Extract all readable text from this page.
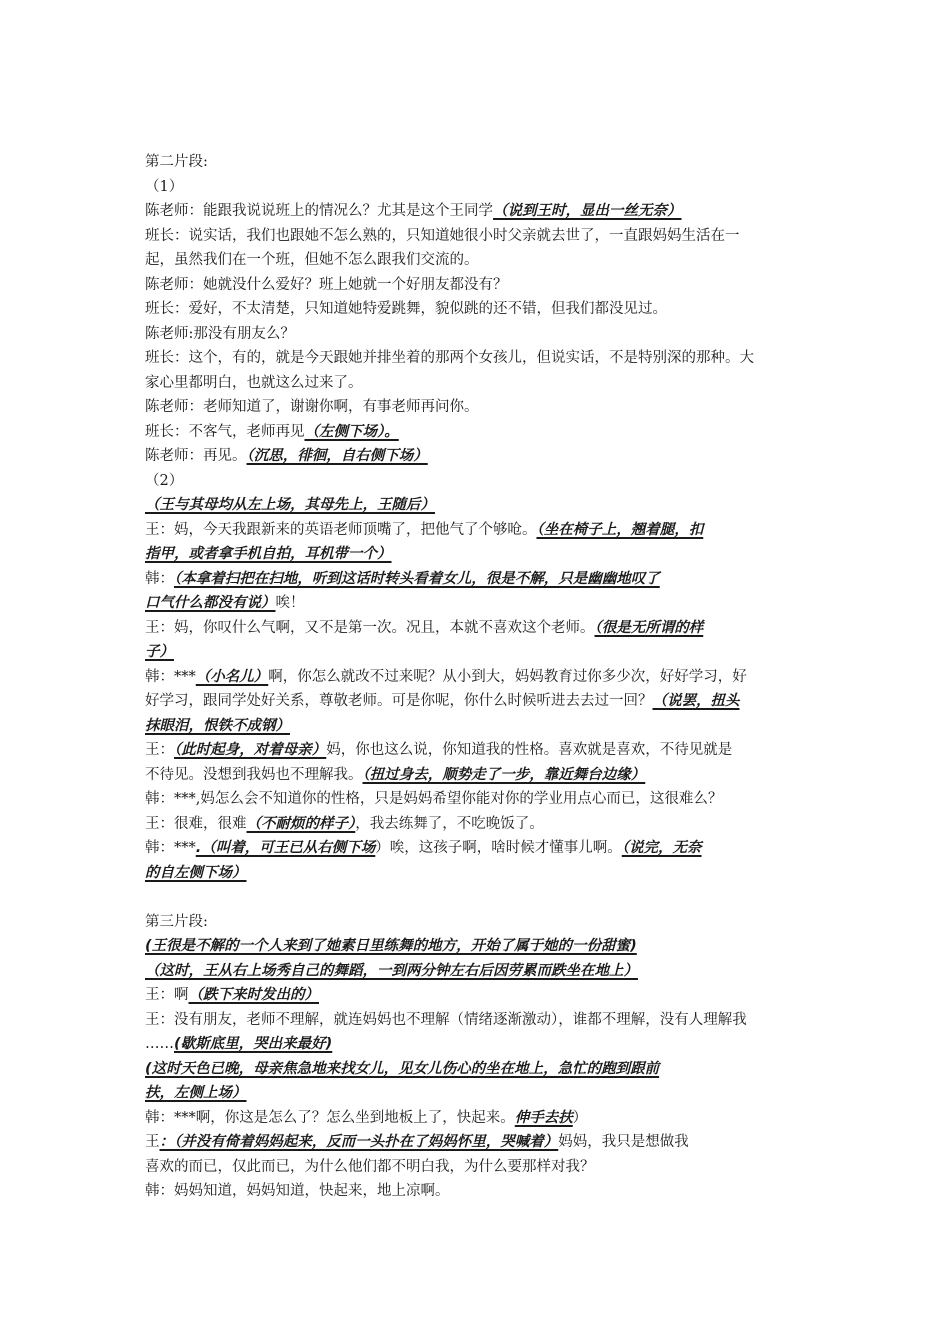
第二片段:
（1）
陈老师：能跟我说说班上的情况么？尤其是这个王同学（说到王时，显出一丝无奈）
班长：说实话，我们也跟她不怎么熟的，只知道她很小时父亲就去世了，一直跟妈妈生活在一
起，虽然我们在一个班，但她不怎么跟我们交流的。
陈老师：她就没什么爱好？班上她就一个好朋友都没有？
班长：爱好，不太清楚，只知道她特爱跳舞，貌似跳的还不错，但我们都没见过。
陈老师:那没有朋友么？
班长：这个，有的，就是今天跟她并排坐着的那两个女孩儿，但说实话，不是特别深的那种。大
家心里都明白，也就这么过来了。
陈老师：老师知道了，谢谢你啊，有事老师再问你。
班长：不客气，老师再见（左侧下场）。
陈老师：再见。（沉思，徘徊，自右侧下场）
（2）
（王与其母均从左上场，其母先上，王随后）
王：妈，今天我跟新来的英语老师顶嘴了，把他气了个够呛。（坐在椅子上，翘着腿，扣
指甲，或者拿手机自拍，耳机带一个）
韩：（本拿着扫把在扫地，听到这话时转头看着女儿，很是不解，只是幽幽地叹了
口气什么都没有说）唉！
王：妈，你叹什么气啊，又不是第一次。况且，本就不喜欢这个老师。（很是无所谓的样
子）
韩：***（小名儿）啊，你怎么就改不过来呢？从小到大，妈妈教育过你多少次，好好学习，好
好学习，跟同学处好关系，尊敬老师。可是你呢，你什么时候听进去去过一回？（说罢，扭头
抹眼泪，恨铁不成钢）
王：（此时起身，对着母亲）妈，你也这么说，你知道我的性格。喜欢就是喜欢，不待见就是
不待见。没想到我妈也不理解我。（扭过身去，顺势走了一步，靠近舞台边缘）
韩：***,妈怎么会不知道你的性格，只是妈妈希望你能对你的学业用点心而已，这很难么？
王：很难，很难（不耐烦的样子），我去练舞了，不吃晚饭了。
韩：***.（叫着，可王已从右侧下场）唉，这孩子啊，啥时候才懂事儿啊。（说完，无奈
的自左侧下场）
第三片段:
(王很是不解的一个人来到了她素日里练舞的地方，开始了属于她的一份甜蜜)
（这时，王从右上场秀自己的舞蹈，一到两分钟左右后因劳累而跌坐在地上）
王：啊（跌下来时发出的）
王：没有朋友，老师不理解，就连妈妈也不理解（情绪逐渐激动），谁都不理解，没有人理解我
……(歇斯底里，哭出来最好)
(这时天色已晚，母亲焦急地来找女儿，见女儿伤心的坐在地上，急忙的跑到跟前
扶，左侧上场）
韩：***啊，你这是怎么了？怎么坐到地板上了，快起来。伸手去扶）
王：（并没有倚着妈妈起来，反而一头扑在了妈妈怀里，哭喊着）妈妈，我只是想做我
喜欢的而已，仅此而已，为什么他们都不明白我，为什么要那样对我？
韩：妈妈知道，妈妈知道，快起来，地上凉啊。
